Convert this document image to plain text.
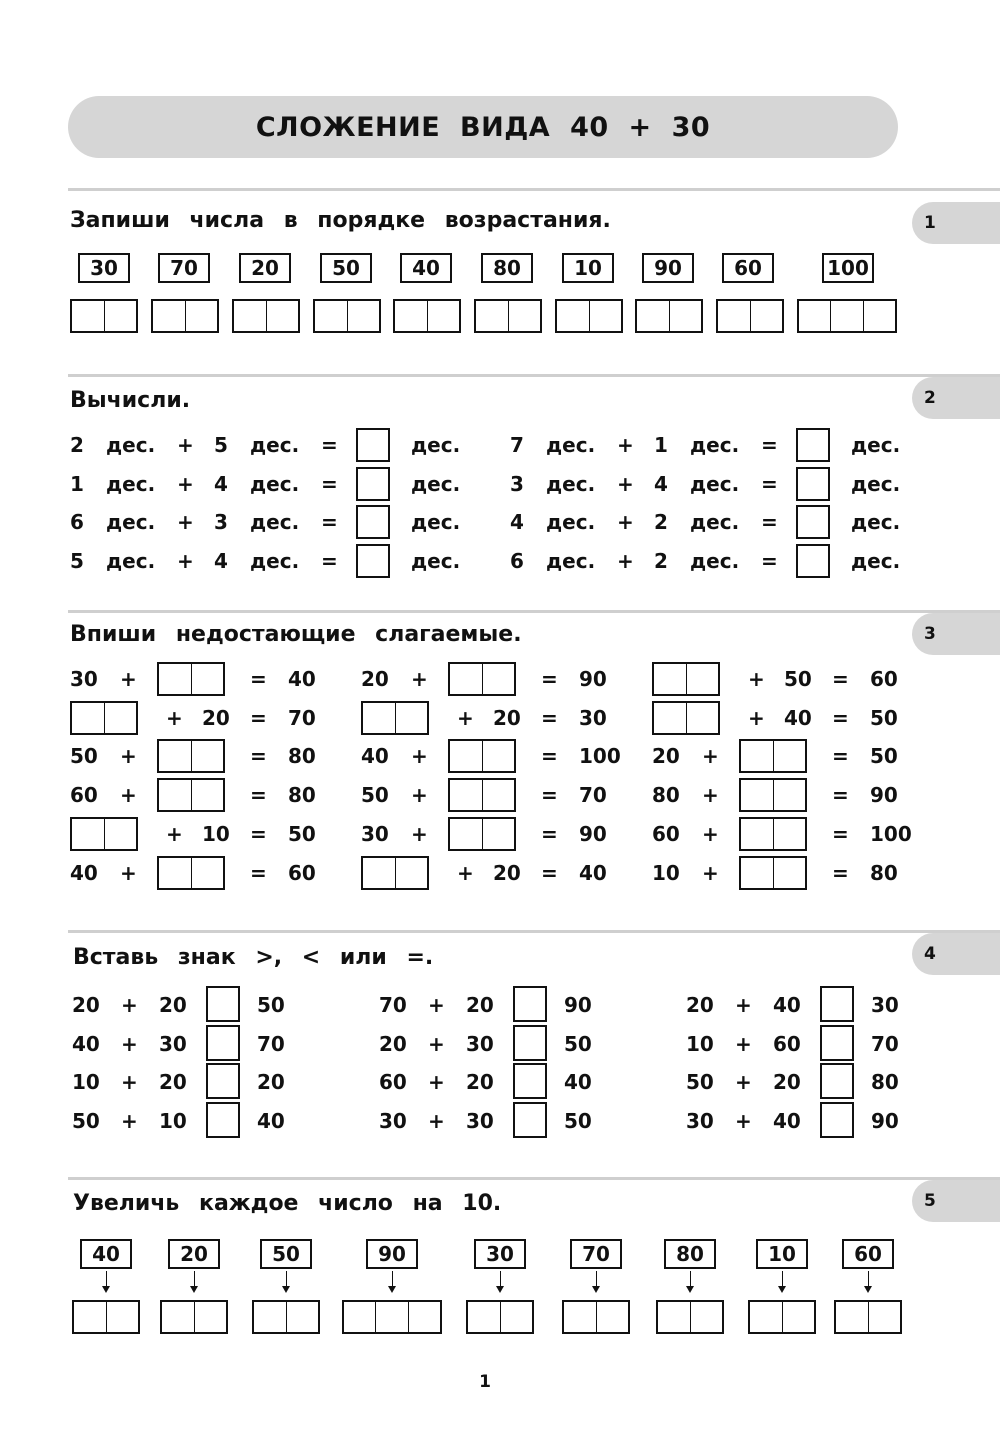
СЛОЖЕНИЕ ВИДА 40 + 30
1
Запиши числа в порядке возрастания.
30	70	20	50	40	80	10	90	60	100
2
Вычисли.
2 дес. + 5 дес. =	дес.
1 дес. + 4 дес. =	дес.
6 дес. + 3 дес. =	дес.
5 дес. + 4 дес. =	дес.
7 дес. + 1 дес. =	дес.
3 дес. + 4 дес. =	дес.
4 дес. + 2 дес. =	дес.
6 дес. + 2 дес. =	дес.
3
Впиши недостающие слагаемые.
30 +	= 40
+ 20 = 70
50 +	= 80
60 +	= 80
+ 10 = 50
40 +	= 60
20 +	= 90
+ 20 = 30
40 +	= 100
50 +	= 70
30 +	= 90
+ 20 = 40
+ 50 = 60
+ 40 = 50
20 +	= 50
80 +	= 90
60 +	= 100
10 +	= 80
4
Вставь знак >, < или =.
20 + 20	50
40 + 30	70
10 + 20	20
50 + 10	40
70 + 20	90
20 + 30	50
60 + 20	40
30 + 30	50
20 + 40	30
10 + 60	70
50 + 20	80
30 + 40	90
5
Увеличь каждое число на 10.
40	20	50	90	30	70	80	10	60
1
